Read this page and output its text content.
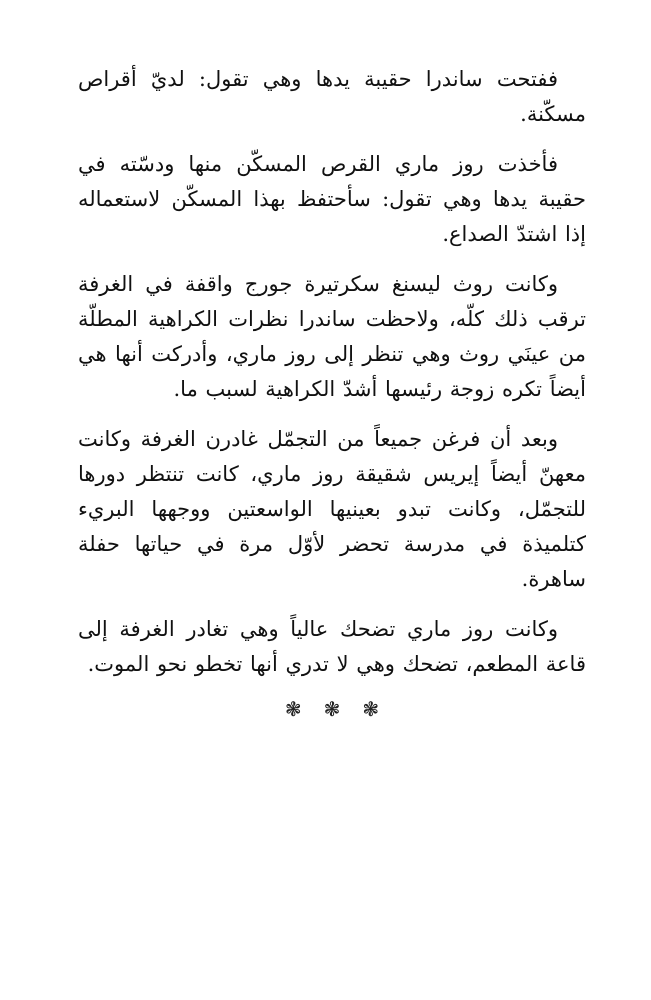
ففتحت ساندرا حقيبة يدها وهي تقول: لديّ أقراص مسكّنة.

فأخذت روز ماري القرص المسكّن منها ودسّته في حقيبة يدها وهي تقول: سأحتفظ بهذا المسكّن لاستعماله إذا اشتدّ الصداع.

وكانت روث ليسنغ سكرتيرة جورج واقفة في الغرفة ترقب ذلك كلّه، ولاحظت ساندرا نظرات الكراهية المطلّة من عينَي روث وهي تنظر إلى روز ماري، وأدركت أنها هي أيضاً تكره زوجة رئيسها أشدّ الكراهية لسبب ما.

وبعد أن فرغن جميعاً من التجمّل غادرن الغرفة وكانت معهنّ أيضاً إيريس شقيقة روز ماري، كانت تنتظر دورها للتجمّل، وكانت تبدو بعينيها الواسعتين ووجهها البريء كتلميذة في مدرسة تحضر لأوّل مرة في حياتها حفلة ساهرة.

وكانت روز ماري تضحك عالياً وهي تغادر الغرفة إلى قاعة المطعم، تضحك وهي لا تدري أنها تخطو نحو الموت.

❃❃❃
